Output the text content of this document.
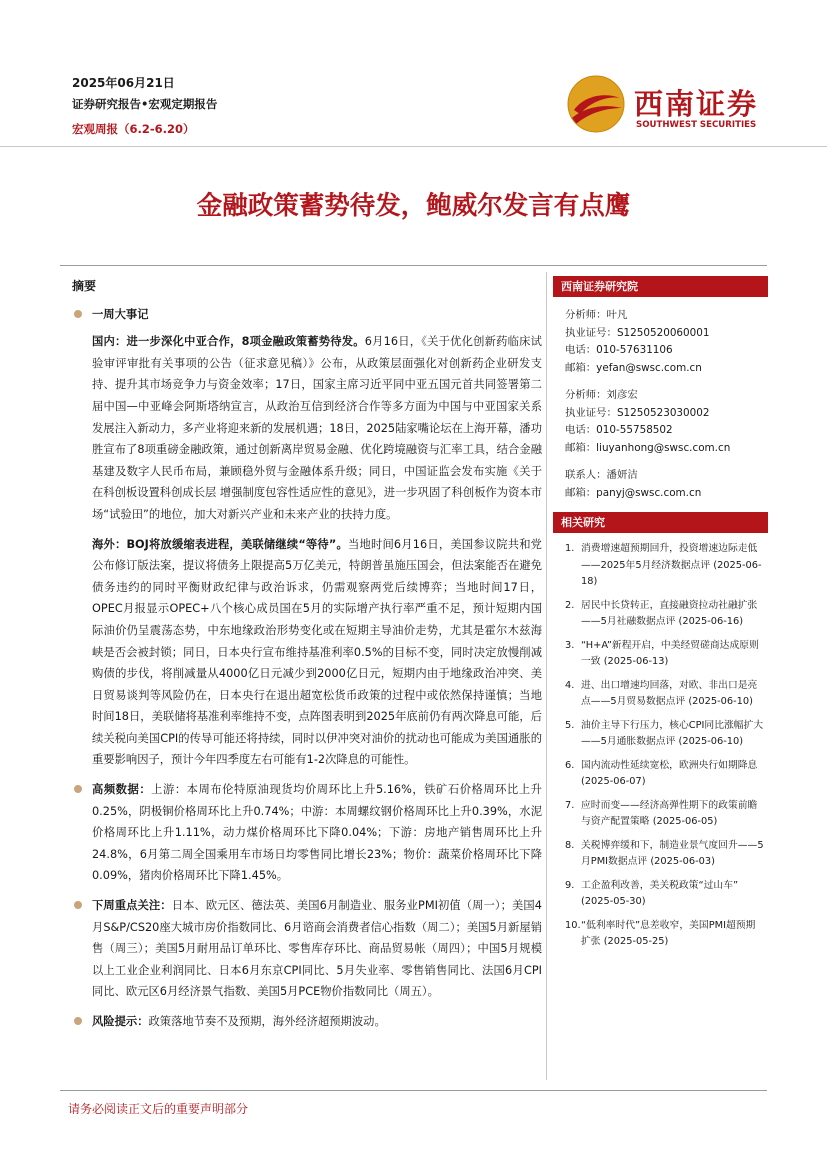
2025年06月21日
证券研究报告•宏观定期报告
宏观周报（6.2-6.20）
西南证券
SOUTHWEST SECURITIES
金融政策蓄势待发，鲍威尔发言有点鹰
摘要
一周大事记
国内：进一步深化中亚合作，8项金融政策蓄势待发。6月16日，《关于优化创新药临床试验审评审批有关事项的公告（征求意见稿）》公布，从政策层面强化对创新药企业研发支持、提升其市场竞争力与资金效率；17日，国家主席习近平同中亚五国元首共同签署第二届中国—中亚峰会阿斯塔纳宣言，从政治互信到经济合作等多方面为中国与中亚国家关系发展注入新动力，多产业将迎来新的发展机遇；18日，2025陆家嘴论坛在上海开幕，潘功胜宣布了8项重磅金融政策，通过创新离岸贸易金融、优化跨境融资与汇率工具，结合金融基建及数字人民币布局，兼顾稳外贸与金融体系升级；同日，中国证监会发布实施《关于在科创板设置科创成长层 增强制度包容性适应性的意见》，进一步巩固了科创板作为资本市场“试验田”的地位，加大对新兴产业和未来产业的扶持力度。
海外：BOJ将放缓缩表进程，美联储继续“等待”。当地时间6月16日，美国参议院共和党公布修订版法案，提议将债务上限提高5万亿美元，特朗普虽施压国会，但法案能否在避免债务违约的同时平衡财政纪律与政治诉求，仍需观察两党后续博弈；当地时间17日，OPEC月报显示OPEC+八个核心成员国在5月的实际增产执行率严重不足，预计短期内国际油价仍呈震荡态势，中东地缘政治形势变化或在短期主导油价走势，尤其是霍尔木兹海峡是否会被封锁；同日，日本央行宣布维持基准利率0.5%的目标不变，同时决定放慢削减购债的步伐，将削减量从4000亿日元减少到2000亿日元，短期内由于地缘政治冲突、美日贸易谈判等风险仍在，日本央行在退出超宽松货币政策的过程中或依然保持谨慎；当地时间18日，美联储将基准利率维持不变，点阵图表明到2025年底前仍有两次降息可能，后续关税向美国CPI的传导可能还将持续，同时以伊冲突对油价的扰动也可能成为美国通胀的重要影响因子，预计今年四季度左右可能有1-2次降息的可能性。
高频数据：上游：本周布伦特原油现货均价周环比上升5.16%，铁矿石价格周环比上升0.25%，阴极铜价格周环比上升0.74%；中游：本周螺纹钢价格周环比上升0.39%，水泥价格周环比上升1.11%，动力煤价格周环比下降0.04%；下游：房地产销售周环比上升24.8%，6月第二周全国乘用车市场日均零售同比增长23%；物价：蔬菜价格周环比下降0.09%，猪肉价格周环比下降1.45%。
下周重点关注：日本、欧元区、德法英、美国6月制造业、服务业PMI初值（周一）；美国4月S&P/CS20座大城市房价指数同比、6月谘商会消费者信心指数（周二）；美国5月新屋销售（周三）；美国5月耐用品订单环比、零售库存环比、商品贸易帐（周四）；中国5月规模以上工业企业利润同比、日本6月东京CPI同比、5月失业率、零售销售同比、法国6月CPI同比、欧元区6月经济景气指数、美国5月PCE物价指数同比（周五）。
风险提示：政策落地节奏不及预期，海外经济超预期波动。
西南证券研究院
分析师：叶凡
执业证号：S1250520060001
电话：010-57631106
邮箱：yefan@swsc.com.cn
分析师：刘彦宏
执业证号：S1250523030002
电话：010-55758502
邮箱：liuyanhong@swsc.com.cn
联系人：潘妍洁
邮箱：panyj@swsc.com.cn
相关研究
1. 消费增速超预期回升，投资增速边际走低——2025年5月经济数据点评 (2025-06-18)
2. 居民中长贷转正，直接融资拉动社融扩张——5月社融数据点评 (2025-06-16)
3. “H+A”新程开启，中美经贸磋商达成原则一致 (2025-06-13)
4. 进、出口增速均回落，对欧、非出口是亮点——5月贸易数据点评 (2025-06-10)
5. 油价主导下行压力，核心CPI同比涨幅扩大——5月通胀数据点评 (2025-06-10)
6. 国内流动性延续宽松，欧洲央行如期降息 (2025-06-07)
7. 应时而变——经济高弹性期下的政策前瞻与资产配置策略 (2025-06-05)
8. 关税博弈缓和下，制造业景气度回升——5月PMI数据点评 (2025-06-03)
9. 工企盈利改善，美关税政策“过山车” (2025-05-30)
10. “低利率时代”息差收窄，美国PMI超预期扩张 (2025-05-25)
请务必阅读正文后的重要声明部分
